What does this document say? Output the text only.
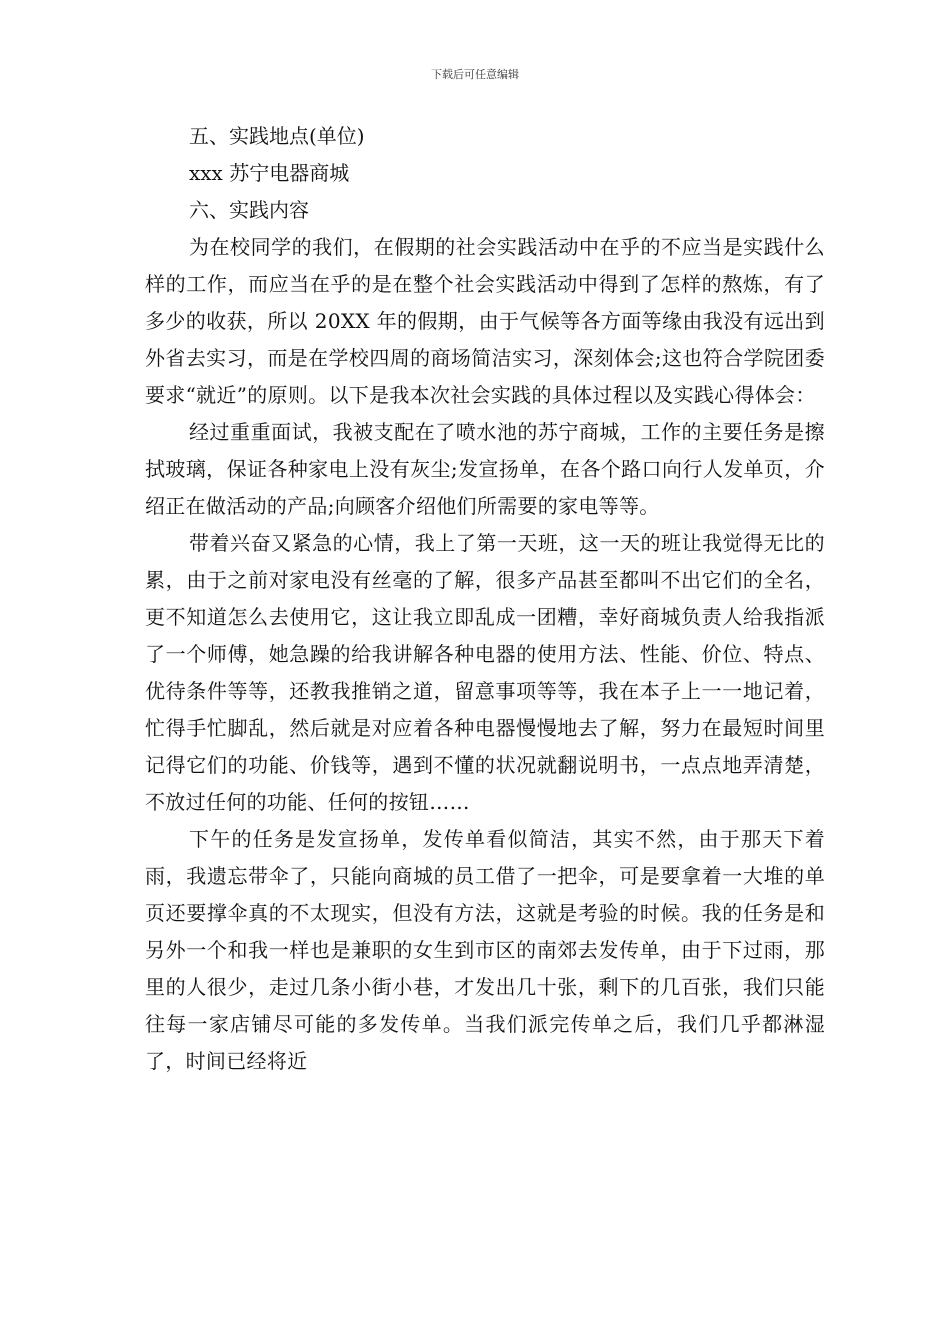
下载后可任意编辑
五、实践地点(单位)
xxx 苏宁电器商城
六、实践内容

为在校同学的我们，在假期的社会实践活动中在乎的不应当是实践什么样的工作，而应当在乎的是在整个社会实践活动中得到了怎样的熬炼，有了多少的收获，所以 20XX 年的假期，由于气候等各方面等缘由我没有远出到外省去实习，而是在学校四周的商场简洁实习，深刻体会;这也符合学院团委要求“就近”的原则。以下是我本次社会实践的具体过程以及实践心得体会：

经过重重面试，我被支配在了喷水池的苏宁商城，工作的主要任务是擦拭玻璃，保证各种家电上没有灰尘;发宣扬单，在各个路口向行人发单页，介绍正在做活动的产品;向顾客介绍他们所需要的家电等等。

带着兴奋又紧急的心情，我上了第一天班，这一天的班让我觉得无比的累，由于之前对家电没有丝毫的了解，很多产品甚至都叫不出它们的全名，更不知道怎么去使用它，这让我立即乱成一团糟，幸好商城负责人给我指派了一个师傅，她急躁的给我讲解各种电器的使用方法、性能、价位、特点、优待条件等等，还教我推销之道，留意事项等等，我在本子上一一地记着，忙得手忙脚乱，然后就是对应着各种电器慢慢地去了解，努力在最短时间里记得它们的功能、价钱等，遇到不懂的状况就翻说明书，一点点地弄清楚，不放过任何的功能、任何的按钮……

下午的任务是发宣扬单，发传单看似简洁，其实不然，由于那天下着雨，我遗忘带伞了，只能向商城的员工借了一把伞，可是要拿着一大堆的单页还要撑伞真的不太现实，但没有方法，这就是考验的时候。我的任务是和另外一个和我一样也是兼职的女生到市区的南郊去发传单，由于下过雨，那里的人很少，走过几条小街小巷，才发出几十张，剩下的几百张，我们只能往每一家店铺尽可能的多发传单。当我们派完传单之后，我们几乎都淋湿了，时间已经将近
